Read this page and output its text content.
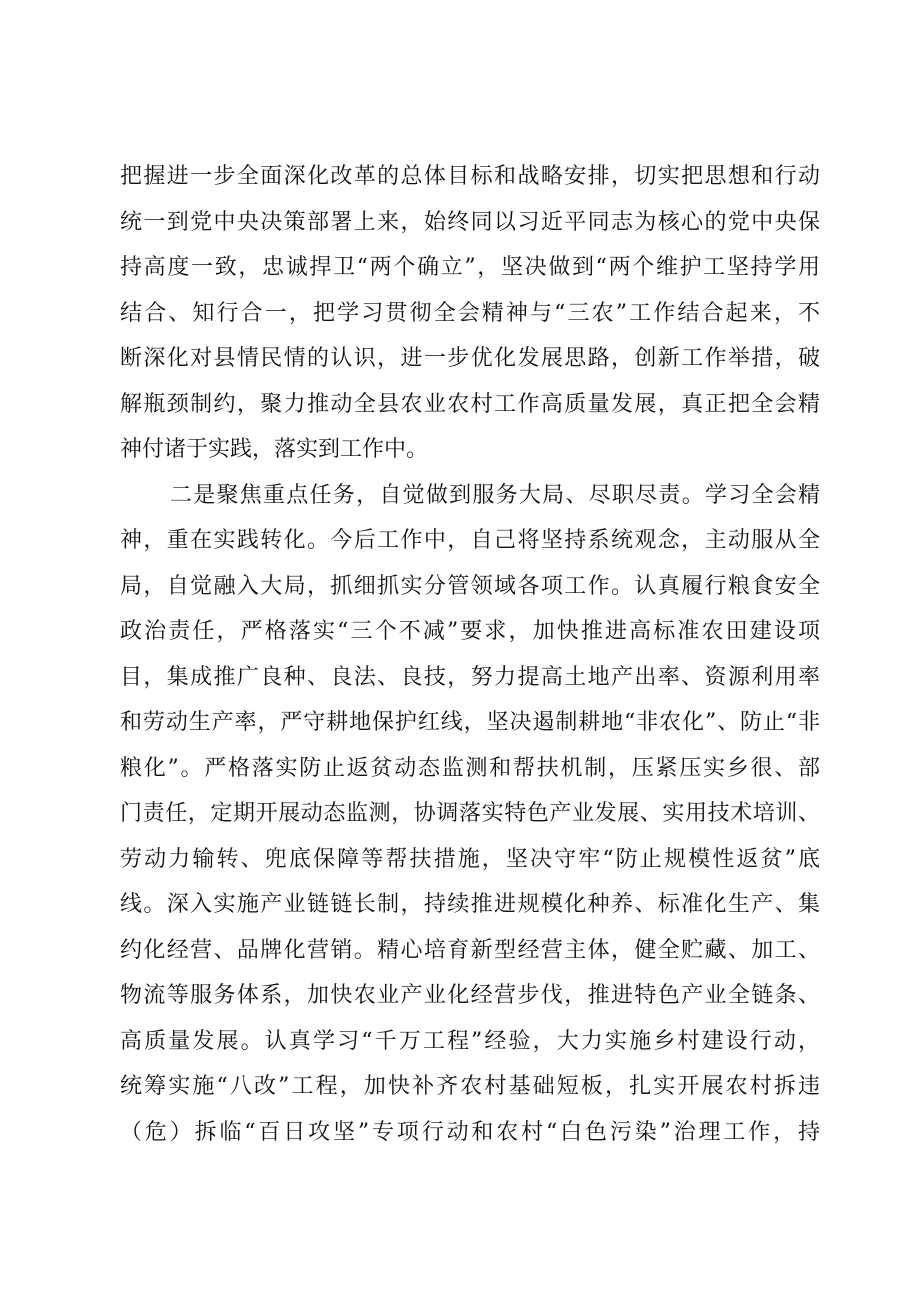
把握进一步全面深化改革的总体目标和战略安排，切实把思想和行动
统一到党中央决策部署上来，始终同以习近平同志为核心的党中央保
持高度一致，忠诚捍卫“两个确立”，坚决做到“两个维护工坚持学用
结合、知行合一，把学习贯彻全会精神与“三农”工作结合起来，不
断深化对县情民情的认识，进一步优化发展思路，创新工作举措，破
解瓶颈制约，聚力推动全县农业农村工作高质量发展，真正把全会精
神付诸于实践，落实到工作中。
二是聚焦重点任务，自觉做到服务大局、尽职尽责。学习全会精
神，重在实践转化。今后工作中，自己将坚持系统观念，主动服从全
局，自觉融入大局，抓细抓实分管领域各项工作。认真履行粮食安全
政治责任，严格落实“三个不减”要求，加快推进高标准农田建设项
目，集成推广良种、良法、良技，努力提高土地产出率、资源利用率
和劳动生产率，严守耕地保护红线，坚决遏制耕地“非农化”、防止“非
粮化”。严格落实防止返贫动态监测和帮扶机制，压紧压实乡很、部
门责任，定期开展动态监测，协调落实特色产业发展、实用技术培训、
劳动力输转、兜底保障等帮扶措施，坚决守牢“防止规模性返贫”底
线。深入实施产业链链长制，持续推进规模化种养、标准化生产、集
约化经营、品牌化营销。精心培育新型经营主体，健全贮藏、加工、
物流等服务体系，加快农业产业化经营步伐，推进特色产业全链条、
高质量发展。认真学习“千万工程”经验，大力实施乡村建设行动，
统筹实施“八改”工程，加快补齐农村基础短板，扎实开展农村拆违
（危）拆临“百日攻坚”专项行动和农村“白色污染”治理工作，持
